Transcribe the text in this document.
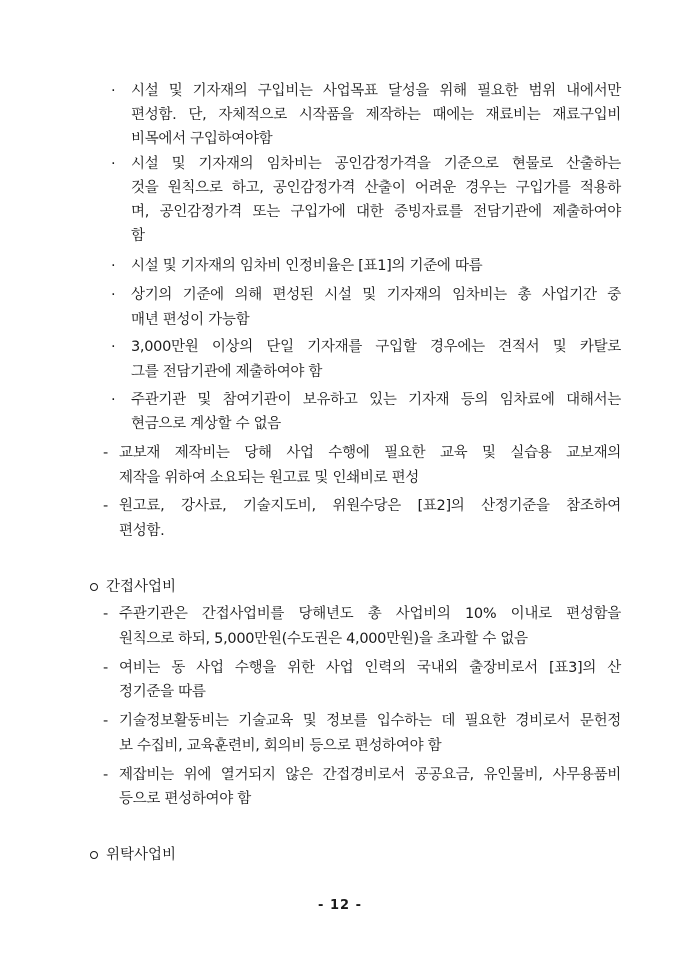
· 시설 및 기자재의 구입비는 사업목표 달성을 위해 필요한 범위 내에서만
편성함. 단, 자체적으로 시작품을 제작하는 때에는 재료비는 재료구입비
비목에서 구입하여야함
· 시설 및 기자재의 임차비는 공인감정가격을 기준으로 현물로 산출하는
것을 원칙으로 하고, 공인감정가격 산출이 어려운 경우는 구입가를 적용하
며, 공인감정가격 또는 구입가에 대한 증빙자료를 전담기관에 제출하여야
함
· 시설 및 기자재의 임차비 인정비율은 [표1]의 기준에 따름
· 상기의 기준에 의해 편성된 시설 및 기자재의 임차비는 총 사업기간 중
매년 편성이 가능함
· 3,000만원 이상의 단일 기자재를 구입할 경우에는 견적서 및 카탈로
그를 전담기관에 제출하여야 함
· 주관기관 및 참여기관이 보유하고 있는 기자재 등의 임차료에 대해서는
현금으로 계상할 수 없음
- 교보재 제작비는 당해 사업 수행에 필요한 교육 및 실습용 교보재의
제작을 위하여 소요되는 원고료 및 인쇄비로 편성
- 원고료, 강사료, 기술지도비, 위원수당은 [표2]의 산정기준을 참조하여
편성함.
간접사업비
- 주관기관은 간접사업비를 당해년도 총 사업비의 10% 이내로 편성함을
원칙으로 하되, 5,000만원(수도권은 4,000만원)을 초과할 수 없음
- 여비는 동 사업 수행을 위한 사업 인력의 국내외 출장비로서 [표3]의 산
정기준을 따름
- 기술정보활동비는 기술교육 및 정보를 입수하는 데 필요한 경비로서 문헌정
보 수집비, 교육훈련비, 회의비 등으로 편성하여야 함
- 제잡비는 위에 열거되지 않은 간접경비로서 공공요금, 유인물비, 사무용품비
등으로 편성하여야 함
위탁사업비
- 12 -
